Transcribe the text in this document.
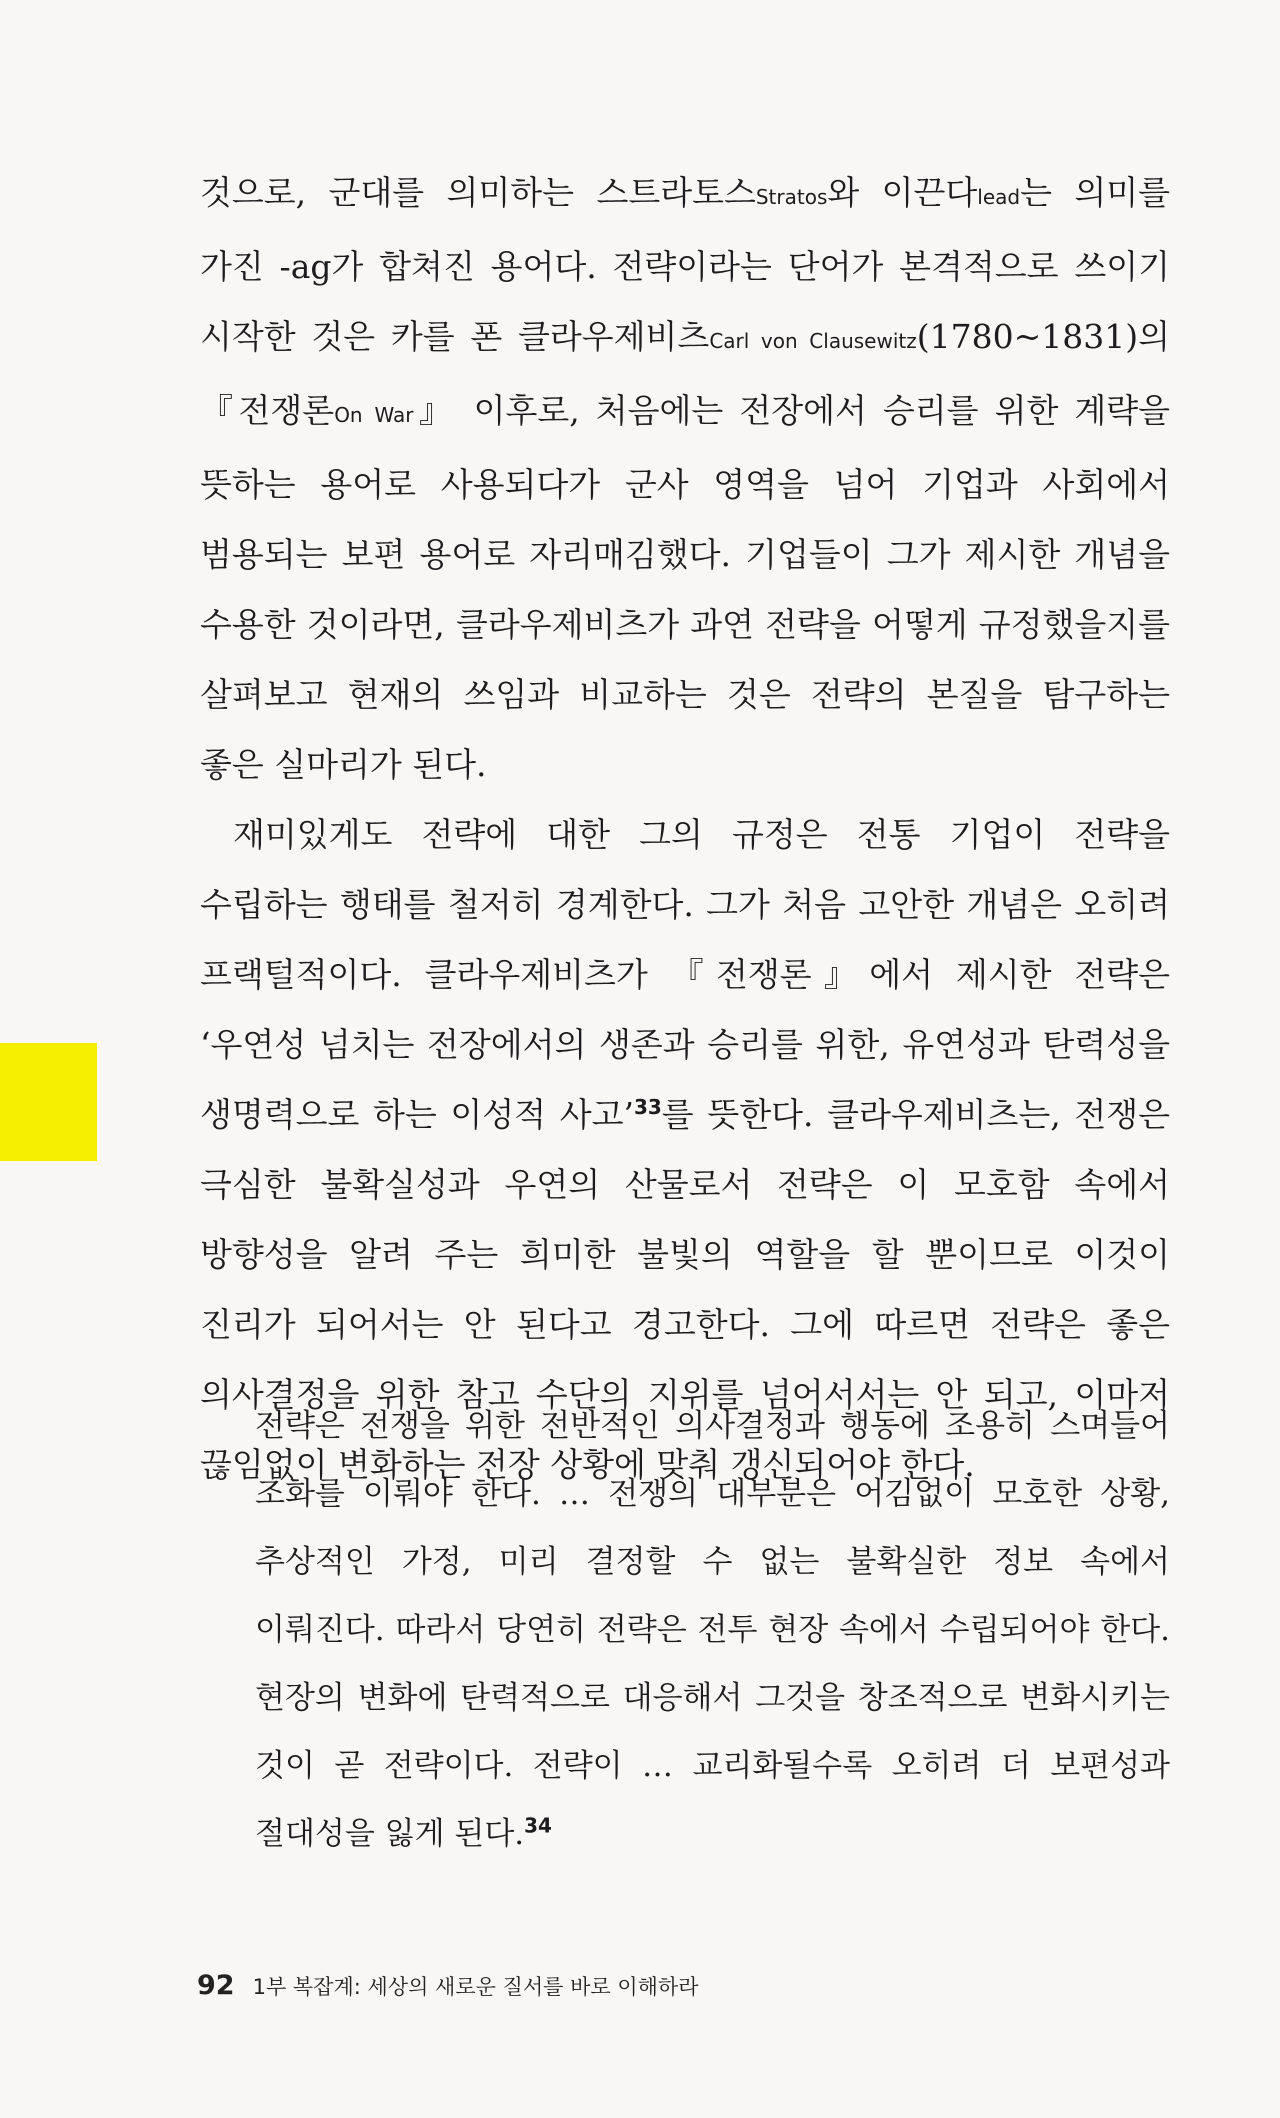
것으로, 군대를 의미하는 스트라토스Stratos와 이끈다lead는 의미를 가진 -ag가 합쳐진 용어다. 전략이라는 단어가 본격적으로 쓰이기 시작한 것은 카를 폰 클라우제비츠Carl von Clausewitz(1780~1831)의 『전쟁론On War』 이후로, 처음에는 전장에서 승리를 위한 계략을 뜻하는 용어로 사용되다가 군사 영역을 넘어 기업과 사회에서 범용되는 보편 용어로 자리매김했다. 기업들이 그가 제시한 개념을 수용한 것이라면, 클라우제비츠가 과연 전략을 어떻게 규정했을지를 살펴보고 현재의 쓰임과 비교하는 것은 전략의 본질을 탐구하는 좋은 실마리가 된다.

재미있게도 전략에 대한 그의 규정은 전통 기업이 전략을 수립하는 행태를 철저히 경계한다. 그가 처음 고안한 개념은 오히려 프랙털적이다. 클라우제비츠가 『전쟁론』에서 제시한 전략은 ‘우연성 넘치는 전장에서의 생존과 승리를 위한, 유연성과 탄력성을 생명력으로 하는 이성적 사고’$^{33}$를 뜻한다. 클라우제비츠는, 전쟁은 극심한 불확실성과 우연의 산물로서 전략은 이 모호함 속에서 방향성을 알려 주는 희미한 불빛의 역할을 할 뿐이므로 이것이 진리가 되어서는 안 된다고 경고한다. 그에 따르면 전략은 좋은 의사결정을 위한 참고 수단의 지위를 넘어서서는 안 되고, 이마저 끊임없이 변화하는 전장 상황에 맞춰 갱신되어야 한다.

전략은 전쟁을 위한 전반적인 의사결정과 행동에 조용히 스며들어 조화를 이뤄야 한다. … 전쟁의 대부분은 어김없이 모호한 상황, 추상적인 가정, 미리 결정할 수 없는 불확실한 정보 속에서 이뤄진다. 따라서 당연히 전략은 전투 현장 속에서 수립되어야 한다. 현장의 변화에 탄력적으로 대응해서 그것을 창조적으로 변화시키는 것이 곧 전략이다. 전략이 … 교리화될수록 오히려 더 보편성과 절대성을 잃게 된다.$^{34}$

92 1부 복잡계: 세상의 새로운 질서를 바로 이해하라
